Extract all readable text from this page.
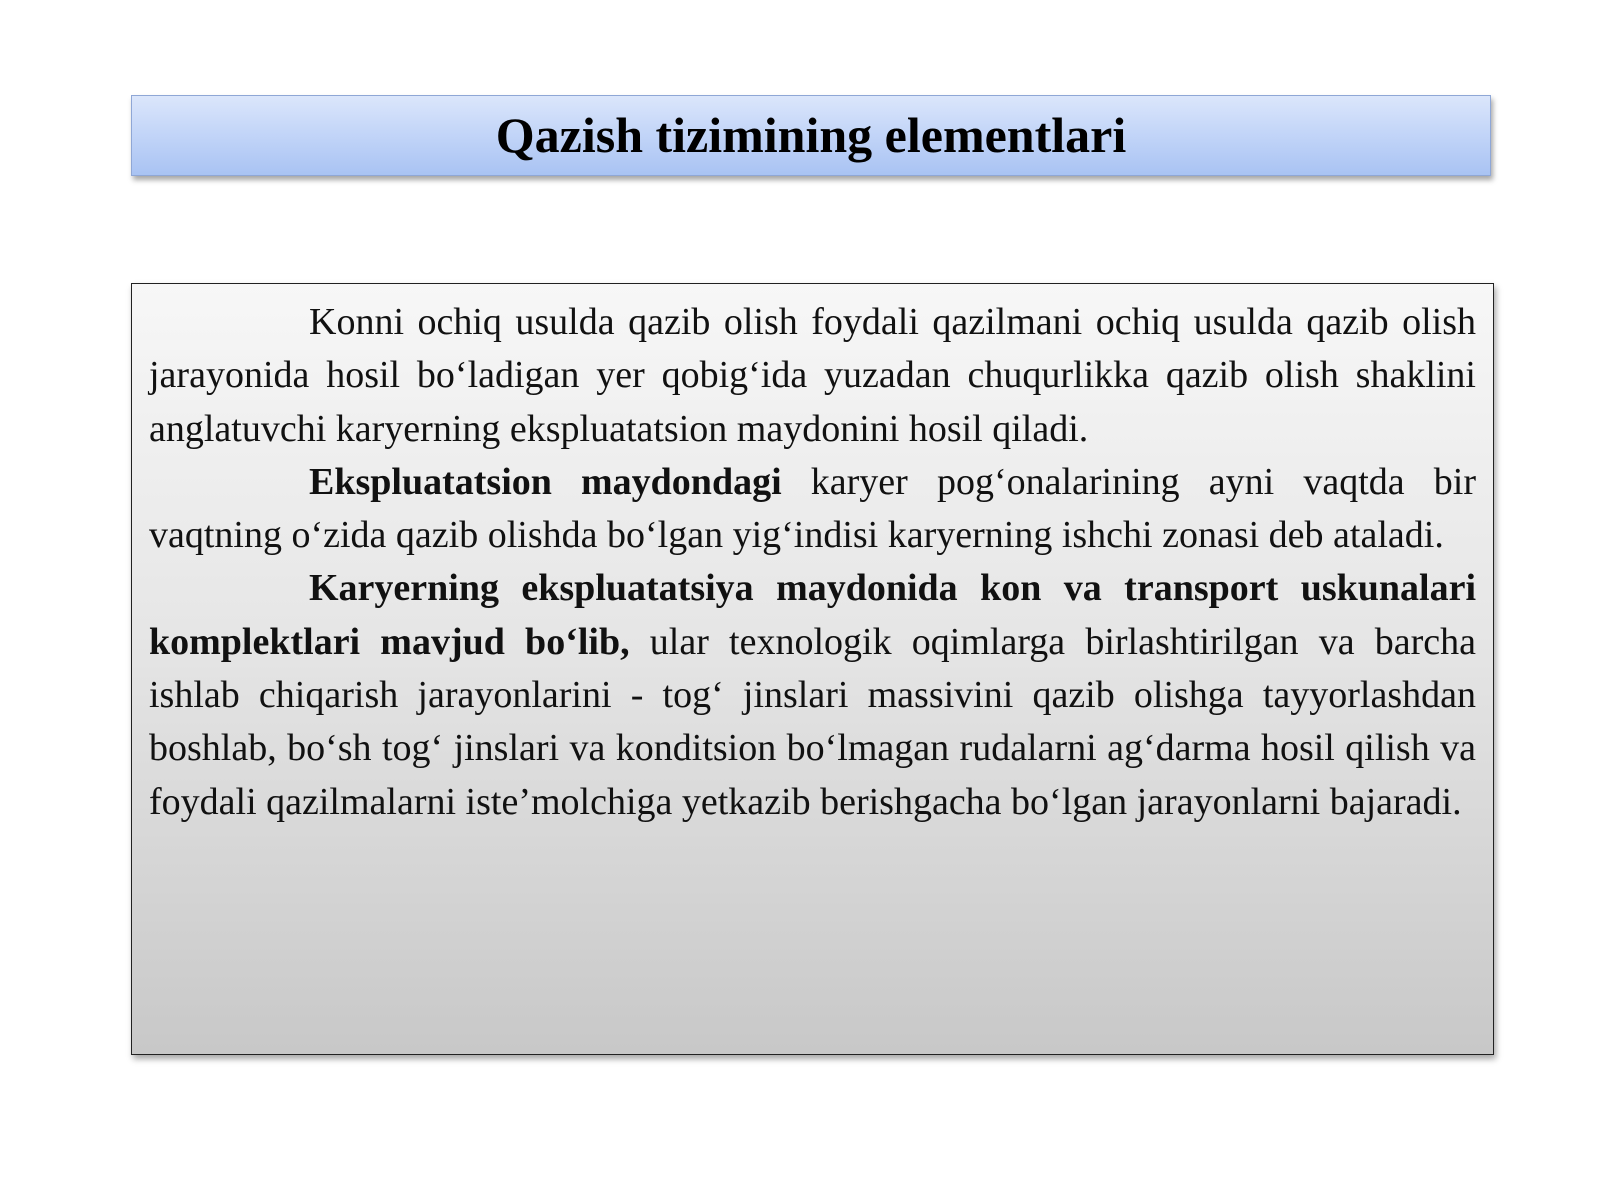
Qazish tizimining elementlari

Konni ochiq usulda qazib olish foydali qazilmani ochiq usulda qazib olish jarayonida hosil bo‘ladigan yer qobig‘ida yuzadan chuqurlikka qazib olish shaklini anglatuvchi karyerning ekspluatatsion maydonini hosil qiladi.

Ekspluatatsion maydondagi karyer pog‘onalarining ayni vaqtda bir vaqtning o‘zida qazib olishda bo‘lgan yig‘indisi karyerning ishchi zonasi deb ataladi.

Karyerning ekspluatatsiya maydonida kon va transport uskunalari komplektlari mavjud bo‘lib, ular texnologik oqimlarga birlashtirilgan va barcha ishlab chiqarish jarayonlarini - tog‘ jinslari massivini qazib olishga tayyorlashdan boshlab, bo‘sh tog‘ jinslari va konditsion bo‘lmagan rudalarni ag‘darma hosil qilish va foydali qazilmalarni iste’molchiga yetkazib berishgacha bo‘lgan jarayonlarni bajaradi.
